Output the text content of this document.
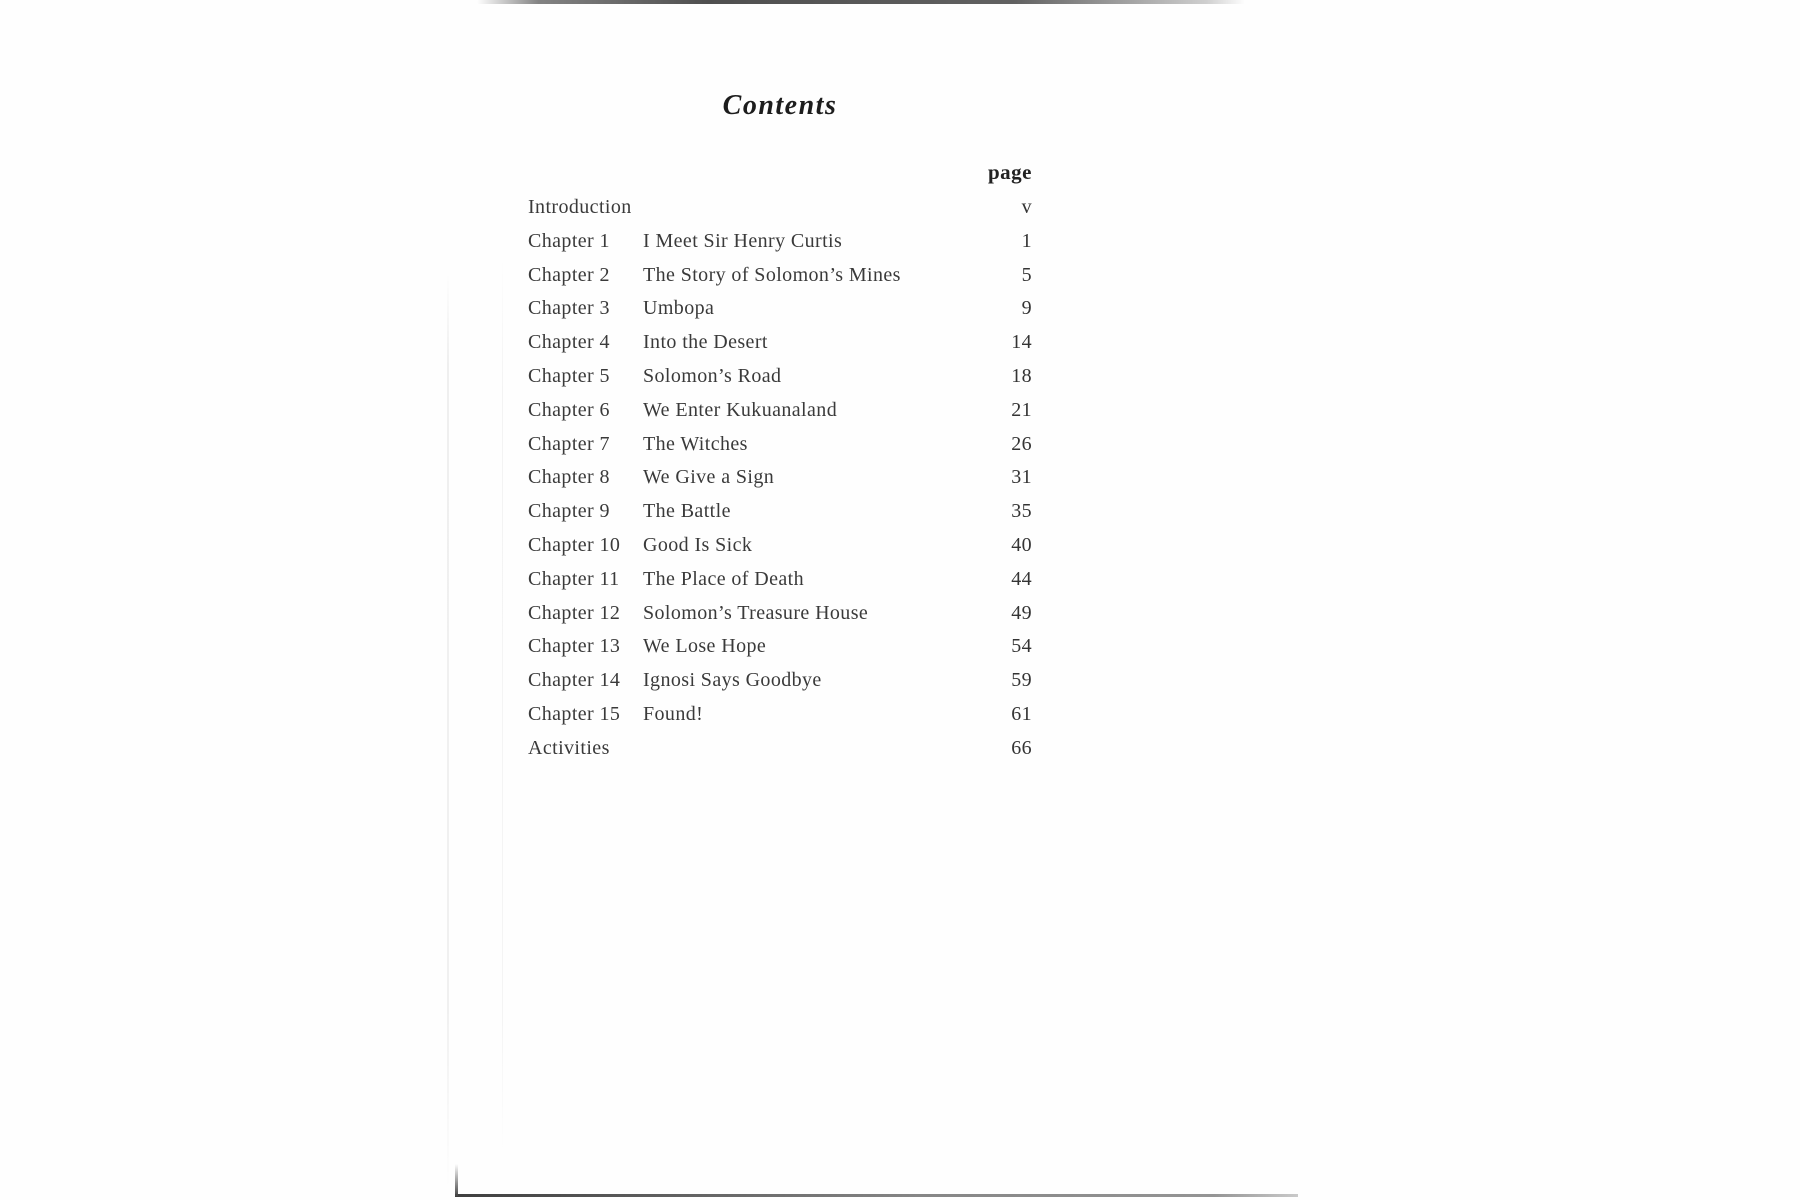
Contents
page
Introduction	v
Chapter 1	I Meet Sir Henry Curtis	1
Chapter 2	The Story of Solomon’s Mines	5
Chapter 3	Umbopa	9
Chapter 4	Into the Desert	14
Chapter 5	Solomon’s Road	18
Chapter 6	We Enter Kukuanaland	21
Chapter 7	The Witches	26
Chapter 8	We Give a Sign	31
Chapter 9	The Battle	35
Chapter 10	Good Is Sick	40
Chapter 11	The Place of Death	44
Chapter 12	Solomon’s Treasure House	49
Chapter 13	We Lose Hope	54
Chapter 14	Ignosi Says Goodbye	59
Chapter 15	Found!	61
Activities	66
